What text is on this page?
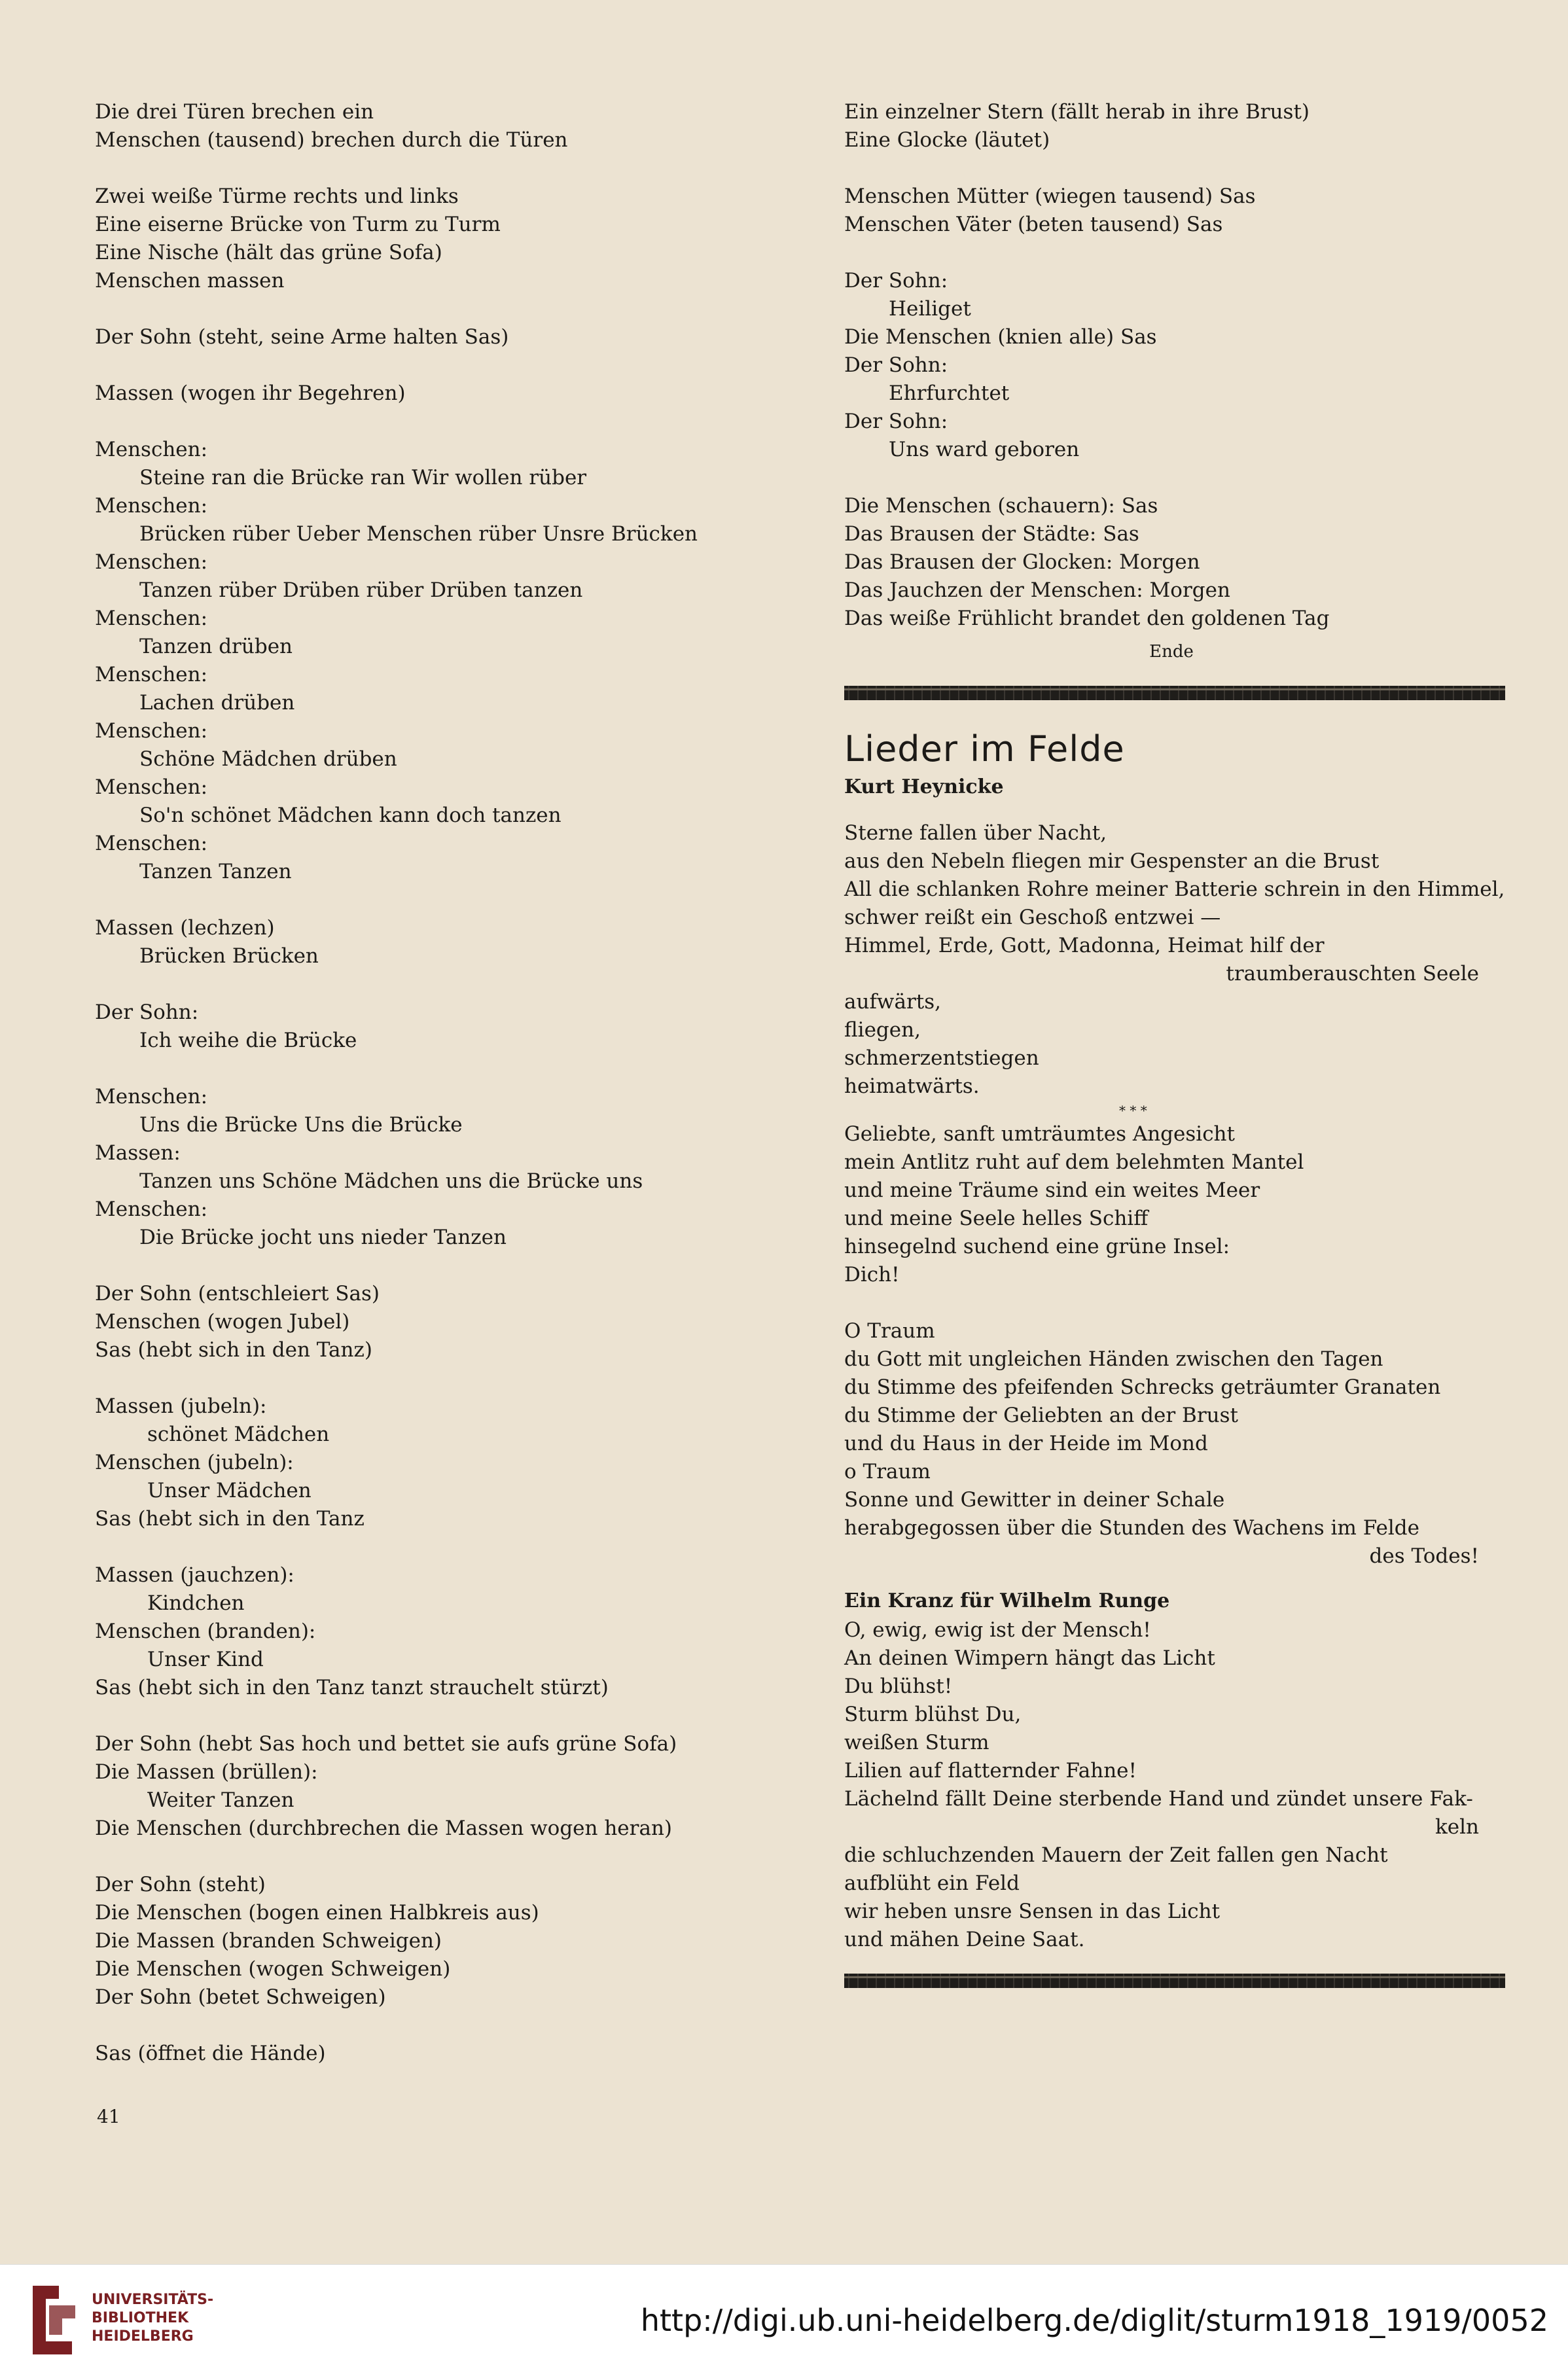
Die drei Türen brechen ein
Menschen (tausend) brechen durch die Türen
Zwei weiße Türme rechts und links
Eine eiserne Brücke von Turm zu Turm
Eine Nische (hält das grüne Sofa)
Menschen massen
Der Sohn (steht, seine Arme halten Sas)
Massen (wogen ihr Begehren)
Menschen:
Steine ran die Brücke ran Wir wollen rüber
Menschen:
Brücken rüber Ueber Menschen rüber Unsre Brücken
Menschen:
Tanzen rüber Drüben rüber Drüben tanzen
Menschen:
Tanzen drüben
Menschen:
Lachen drüben
Menschen:
Schöne Mädchen drüben
Menschen:
So'n schönet Mädchen kann doch tanzen
Menschen:
Tanzen Tanzen
Massen (lechzen)
Brücken Brücken
Der Sohn:
Ich weihe die Brücke
Menschen:
Uns die Brücke Uns die Brücke
Massen:
Tanzen uns Schöne Mädchen uns die Brücke uns
Menschen:
Die Brücke jocht uns nieder Tanzen
Der Sohn (entschleiert Sas)
Menschen (wogen Jubel)
Sas (hebt sich in den Tanz)
Massen (jubeln):
schönet Mädchen
Menschen (jubeln):
Unser Mädchen
Sas (hebt sich in den Tanz
Massen (jauchzen):
Kindchen
Menschen (branden):
Unser Kind
Sas (hebt sich in den Tanz tanzt strauchelt stürzt)
Der Sohn (hebt Sas hoch und bettet sie aufs grüne Sofa)
Die Massen (brüllen):
Weiter Tanzen
Die Menschen (durchbrechen die Massen wogen heran)
Der Sohn (steht)
Die Menschen (bogen einen Halbkreis aus)
Die Massen (branden Schweigen)
Die Menschen (wogen Schweigen)
Der Sohn (betet Schweigen)
Sas (öffnet die Hände)
Ein einzelner Stern (fällt herab in ihre Brust)
Eine Glocke (läutet)
Menschen Mütter (wiegen tausend) Sas
Menschen Väter (beten tausend) Sas
Der Sohn:
Heiliget
Die Menschen (knien alle) Sas
Der Sohn:
Ehrfurchtet
Der Sohn:
Uns ward geboren
Die Menschen (schauern): Sas
Das Brausen der Städte: Sas
Das Brausen der Glocken: Morgen
Das Jauchzen der Menschen: Morgen
Das weiße Frühlicht brandet den goldenen Tag
Ende
Lieder im Felde
Kurt Heynicke
Sterne fallen über Nacht,
aus den Nebeln fliegen mir Gespenster an die Brust
All die schlanken Rohre meiner Batterie schrein in den Himmel,
schwer reißt ein Geschoß entzwei —
Himmel, Erde, Gott, Madonna, Heimat hilf der
traumberauschten Seele
aufwärts,
fliegen,
schmerzentstiegen
heimatwärts.
* * *
Geliebte, sanft umträumtes Angesicht
mein Antlitz ruht auf dem belehmten Mantel
und meine Träume sind ein weites Meer
und meine Seele helles Schiff
hinsegelnd suchend eine grüne Insel:
Dich!
O Traum
du Gott mit ungleichen Händen zwischen den Tagen
du Stimme des pfeifenden Schrecks geträumter Granaten
du Stimme der Geliebten an der Brust
und du Haus in der Heide im Mond
o Traum
Sonne und Gewitter in deiner Schale
herabgegossen über die Stunden des Wachens im Felde
des Todes!
Ein Kranz für Wilhelm Runge
O, ewig, ewig ist der Mensch!
An deinen Wimpern hängt das Licht
Du blühst!
Sturm blühst Du,
weißen Sturm
Lilien auf flatternder Fahne!
Lächelnd fällt Deine sterbende Hand und zündet unsere Fak-
keln
die schluchzenden Mauern der Zeit fallen gen Nacht
aufblüht ein Feld
wir heben unsre Sensen in das Licht
und mähen Deine Saat.
41
UNIVERSITÄTS-
BIBLIOTHEK
HEIDELBERG	http://digi.ub.uni-heidelberg.de/diglit/sturm1918_1919/0052
